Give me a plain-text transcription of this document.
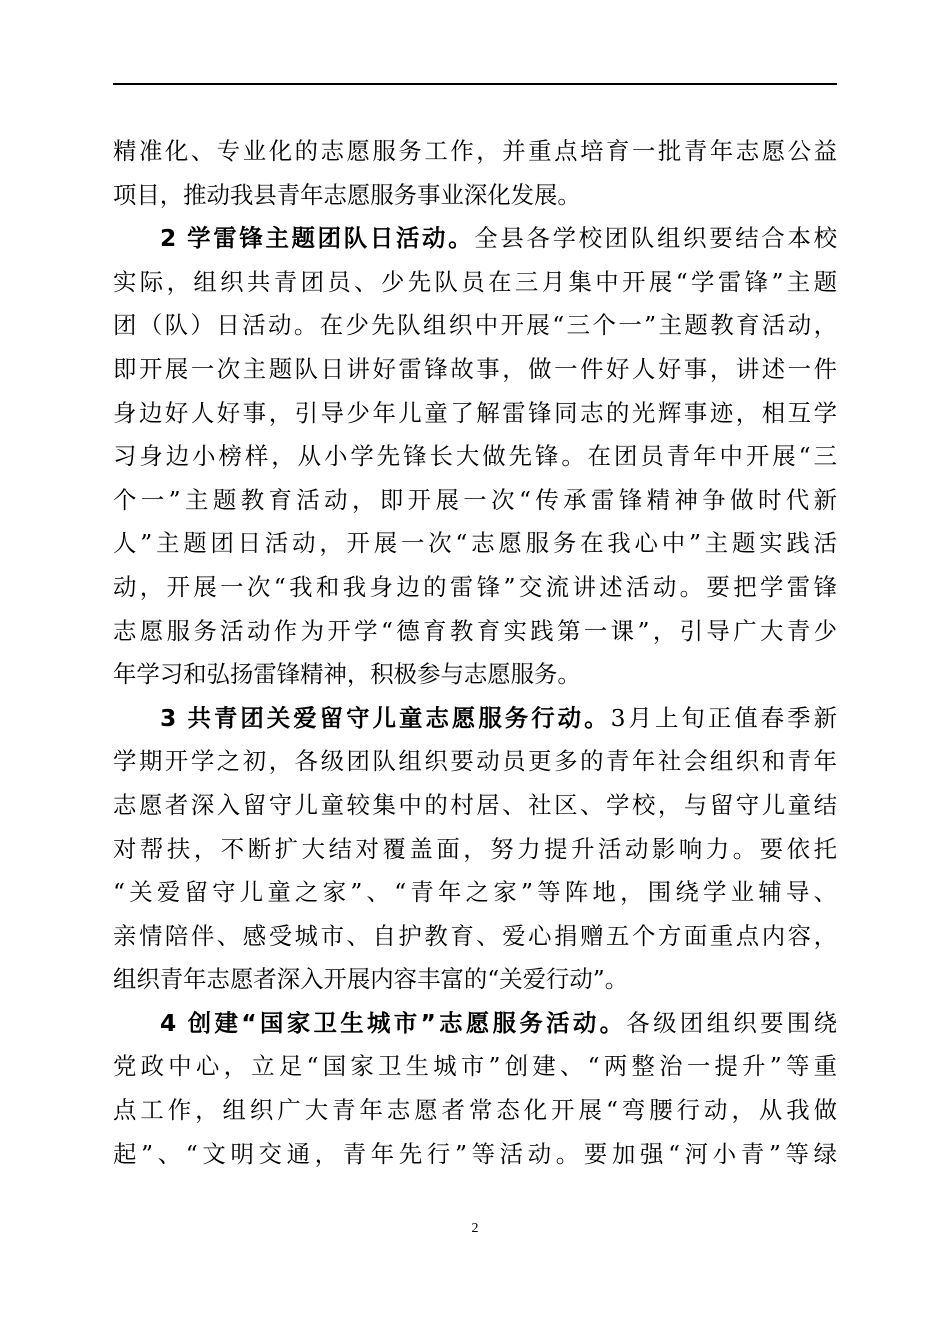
精准化、专业化的志愿服务工作，并重点培育一批青年志愿公益
项目，推动我县青年志愿服务事业深化发展。
2 学雷锋主题团队日活动。全县各学校团队组织要结合本校
实际，组织共青团员、少先队员在三月集中开展“学雷锋”主题
团（队）日活动。在少先队组织中开展“三个一”主题教育活动，
即开展一次主题队日讲好雷锋故事，做一件好人好事，讲述一件
身边好人好事，引导少年儿童了解雷锋同志的光辉事迹，相互学
习身边小榜样，从小学先锋长大做先锋。在团员青年中开展“三
个一”主题教育活动，即开展一次“传承雷锋精神争做时代新
人”主题团日活动，开展一次“志愿服务在我心中”主题实践活
动，开展一次“我和我身边的雷锋”交流讲述活动。要把学雷锋
志愿服务活动作为开学“德育教育实践第一课”，引导广大青少
年学习和弘扬雷锋精神，积极参与志愿服务。
3 共青团关爱留守儿童志愿服务行动。3月上旬正值春季新
学期开学之初，各级团队组织要动员更多的青年社会组织和青年
志愿者深入留守儿童较集中的村居、社区、学校，与留守儿童结
对帮扶，不断扩大结对覆盖面，努力提升活动影响力。要依托
“关爱留守儿童之家”、“青年之家”等阵地，围绕学业辅导、
亲情陪伴、感受城市、自护教育、爱心捐赠五个方面重点内容，
组织青年志愿者深入开展内容丰富的“关爱行动”。
4 创建“国家卫生城市”志愿服务活动。各级团组织要围绕
党政中心，立足“国家卫生城市”创建、“两整治一提升”等重
点工作，组织广大青年志愿者常态化开展“弯腰行动，从我做
起”、“文明交通，青年先行”等活动。要加强“河小青”等绿
2
